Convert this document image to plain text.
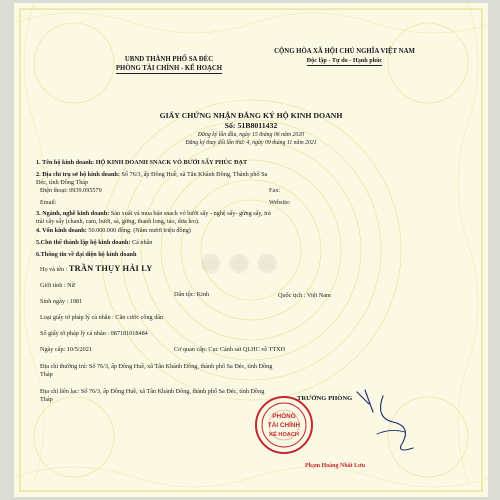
✺ ✺ ✺
UBND THÀNH PHỐ SA ĐÉC
PHÒNG TÀI CHÍNH - KẾ HOẠCH
CỘNG HÒA XÃ HỘI CHỦ NGHĨA VIỆT NAM
Độc lập - Tự do - Hạnh phúc
GIẤY CHỨNG NHẬN ĐĂNG KÝ HỘ KINH DOANH
Số: 51B8011432
Đăng ký lần đầu, ngày 15 tháng 06 năm 2020
Đăng ký thay đổi lần thứ: 4, ngày 09 tháng 11 năm 2021
1. Tên hộ kinh doanh: HỘ KINH DOANH SNACK VỎ BƯỞI SẤY PHÚC ĐẠT
2. Địa chỉ trụ sở hộ kinh doanh: Số 76/3, ấp Đông Huề, xã Tân Khánh Đông, Thành phố Sa
Đéc, tỉnh Đồng Tháp
Điện thoại: 0939.095579	Fax:
Email:	Website:
3. Ngành, nghề kinh doanh: Sản xuất và mua bán snack vỏ bưởi sấy - nghệ sấy- gừng sấy, trà
trái cây sấy (chanh, cam, bưởi, sả, gừng, thanh long, táo, dưa leo).
4. Vốn kinh doanh: 50.000.000 đồng. (Năm mươi triệu đồng)
5.Chủ thể thành lập hộ kinh doanh: Cá nhân
6.Thông tin về đại diện hộ kinh doanh
Họ và tên : TRẦN THỤY HẢI LY
Giới tính : Nữ
Sinh ngày : 1981
Dân tộc: Kinh	Quốc tịch : Việt Nam
Loại giấy tờ pháp lý cá nhân : Căn cước công dân
Số giấy tờ pháp lý cá nhân : 087181018484
Ngày cấp: 10/5/2021	Cơ quan cấp: Cục Cảnh sát QLHC về TTXH
Địa chỉ thường trú: Số 76/3, ấp Đông Huề, xã Tân Khánh Đông, thành phố Sa Đéc, tỉnh Đồng
Tháp
Địa chỉ liên lạc: Số 76/3, ấp Đông Huề, xã Tân Khánh Đông, thành phố Sa Đéc, tỉnh Đồng
Tháp
PHÒNG
TÀI CHÍNH
KẾ HOẠCH
TRƯỞNG PHÒNG
Phạm Hoàng Nhất Lưu
